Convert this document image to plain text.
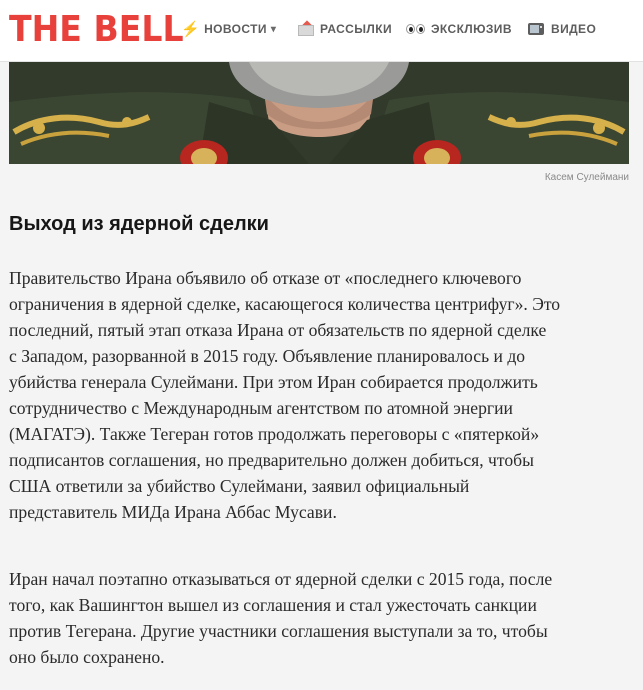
THE BELL
⚡ НОВОСТИ ▾	РАССЫЛКИ	ЭКСКЛЮЗИВ	ВИДЕО
Касем Сулеймани
Выход из ядерной сделки

Правительство Ирана объявило об отказе от «последнего ключевого
ограничения в ядерной сделке, касающегося количества центрифуг». Это
последний, пятый этап отказа Ирана от обязательств по ядерной сделке
с Западом, разорванной в 2015 году. Объявление планировалось и до
убийства генерала Сулеймани. При этом Иран собирается продолжить
сотрудничество с Международным агентством по атомной энергии
(МАГАТЭ). Также Тегеран готов продолжать переговоры с «пятеркой»
подписантов соглашения, но предварительно должен добиться, чтобы
США ответили за убийство Сулеймани, заявил официальный
представитель МИДа Ирана Аббас Мусави.

Иран начал поэтапно отказываться от ядерной сделки с 2015 года, после
того, как Вашингтон вышел из соглашения и стал ужесточать санкции
против Тегерана. Другие участники соглашения выступали за то, чтобы
оно было сохранено.
